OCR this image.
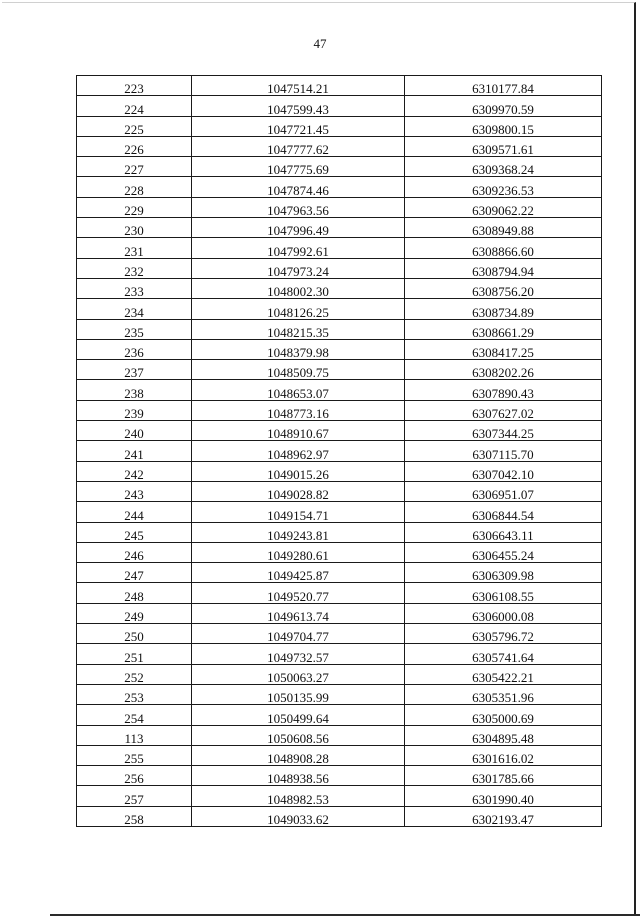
47
223	1047514.21	6310177.84
224	1047599.43	6309970.59
225	1047721.45	6309800.15
226	1047777.62	6309571.61
227	1047775.69	6309368.24
228	1047874.46	6309236.53
229	1047963.56	6309062.22
230	1047996.49	6308949.88
231	1047992.61	6308866.60
232	1047973.24	6308794.94
233	1048002.30	6308756.20
234	1048126.25	6308734.89
235	1048215.35	6308661.29
236	1048379.98	6308417.25
237	1048509.75	6308202.26
238	1048653.07	6307890.43
239	1048773.16	6307627.02
240	1048910.67	6307344.25
241	1048962.97	6307115.70
242	1049015.26	6307042.10
243	1049028.82	6306951.07
244	1049154.71	6306844.54
245	1049243.81	6306643.11
246	1049280.61	6306455.24
247	1049425.87	6306309.98
248	1049520.77	6306108.55
249	1049613.74	6306000.08
250	1049704.77	6305796.72
251	1049732.57	6305741.64
252	1050063.27	6305422.21
253	1050135.99	6305351.96
254	1050499.64	6305000.69
113	1050608.56	6304895.48
255	1048908.28	6301616.02
256	1048938.56	6301785.66
257	1048982.53	6301990.40
258	1049033.62	6302193.47
